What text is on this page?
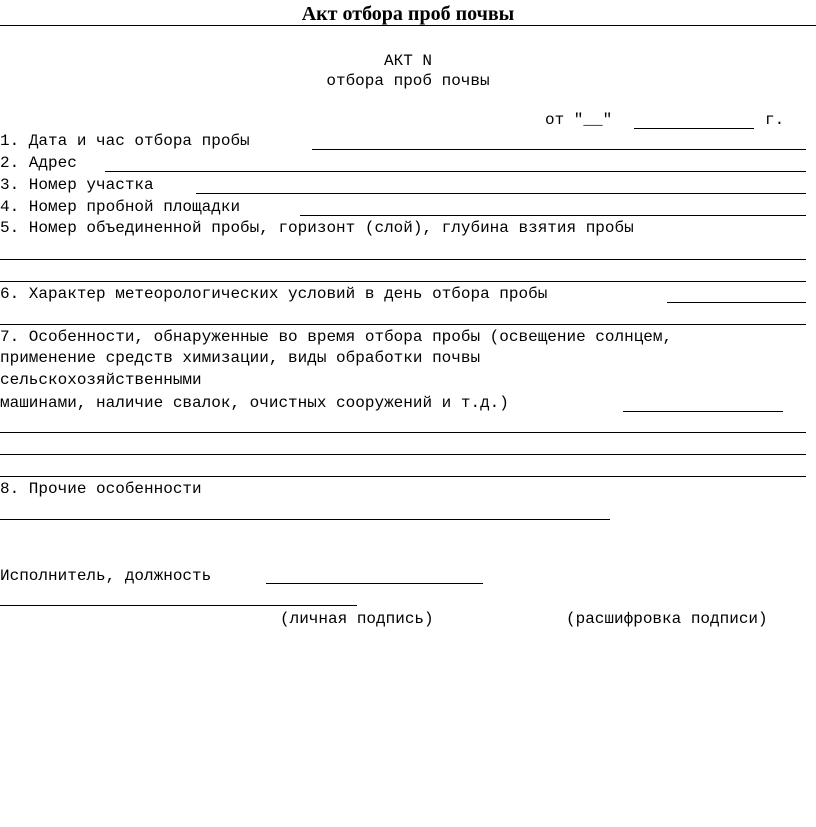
Акт отбора проб почвы
АКТ N
отбора проб почвы
от "__"	г.
1. Дата и час отбора пробы
2. Адрес
3. Номер участка
4. Номер пробной площадки
5. Номер объединенной пробы, горизонт (слой), глубина взятия пробы
6. Характер метеорологических условий в день отбора пробы
7. Особенности, обнаруженные во время отбора пробы (освещение солнцем,
применение средств химизации, виды обработки почвы
сельскохозяйственными
машинами, наличие свалок, очистных сооружений и т.д.)
8. Прочие особенности
Исполнитель, должность
(личная подпись)	(расшифровка подписи)
